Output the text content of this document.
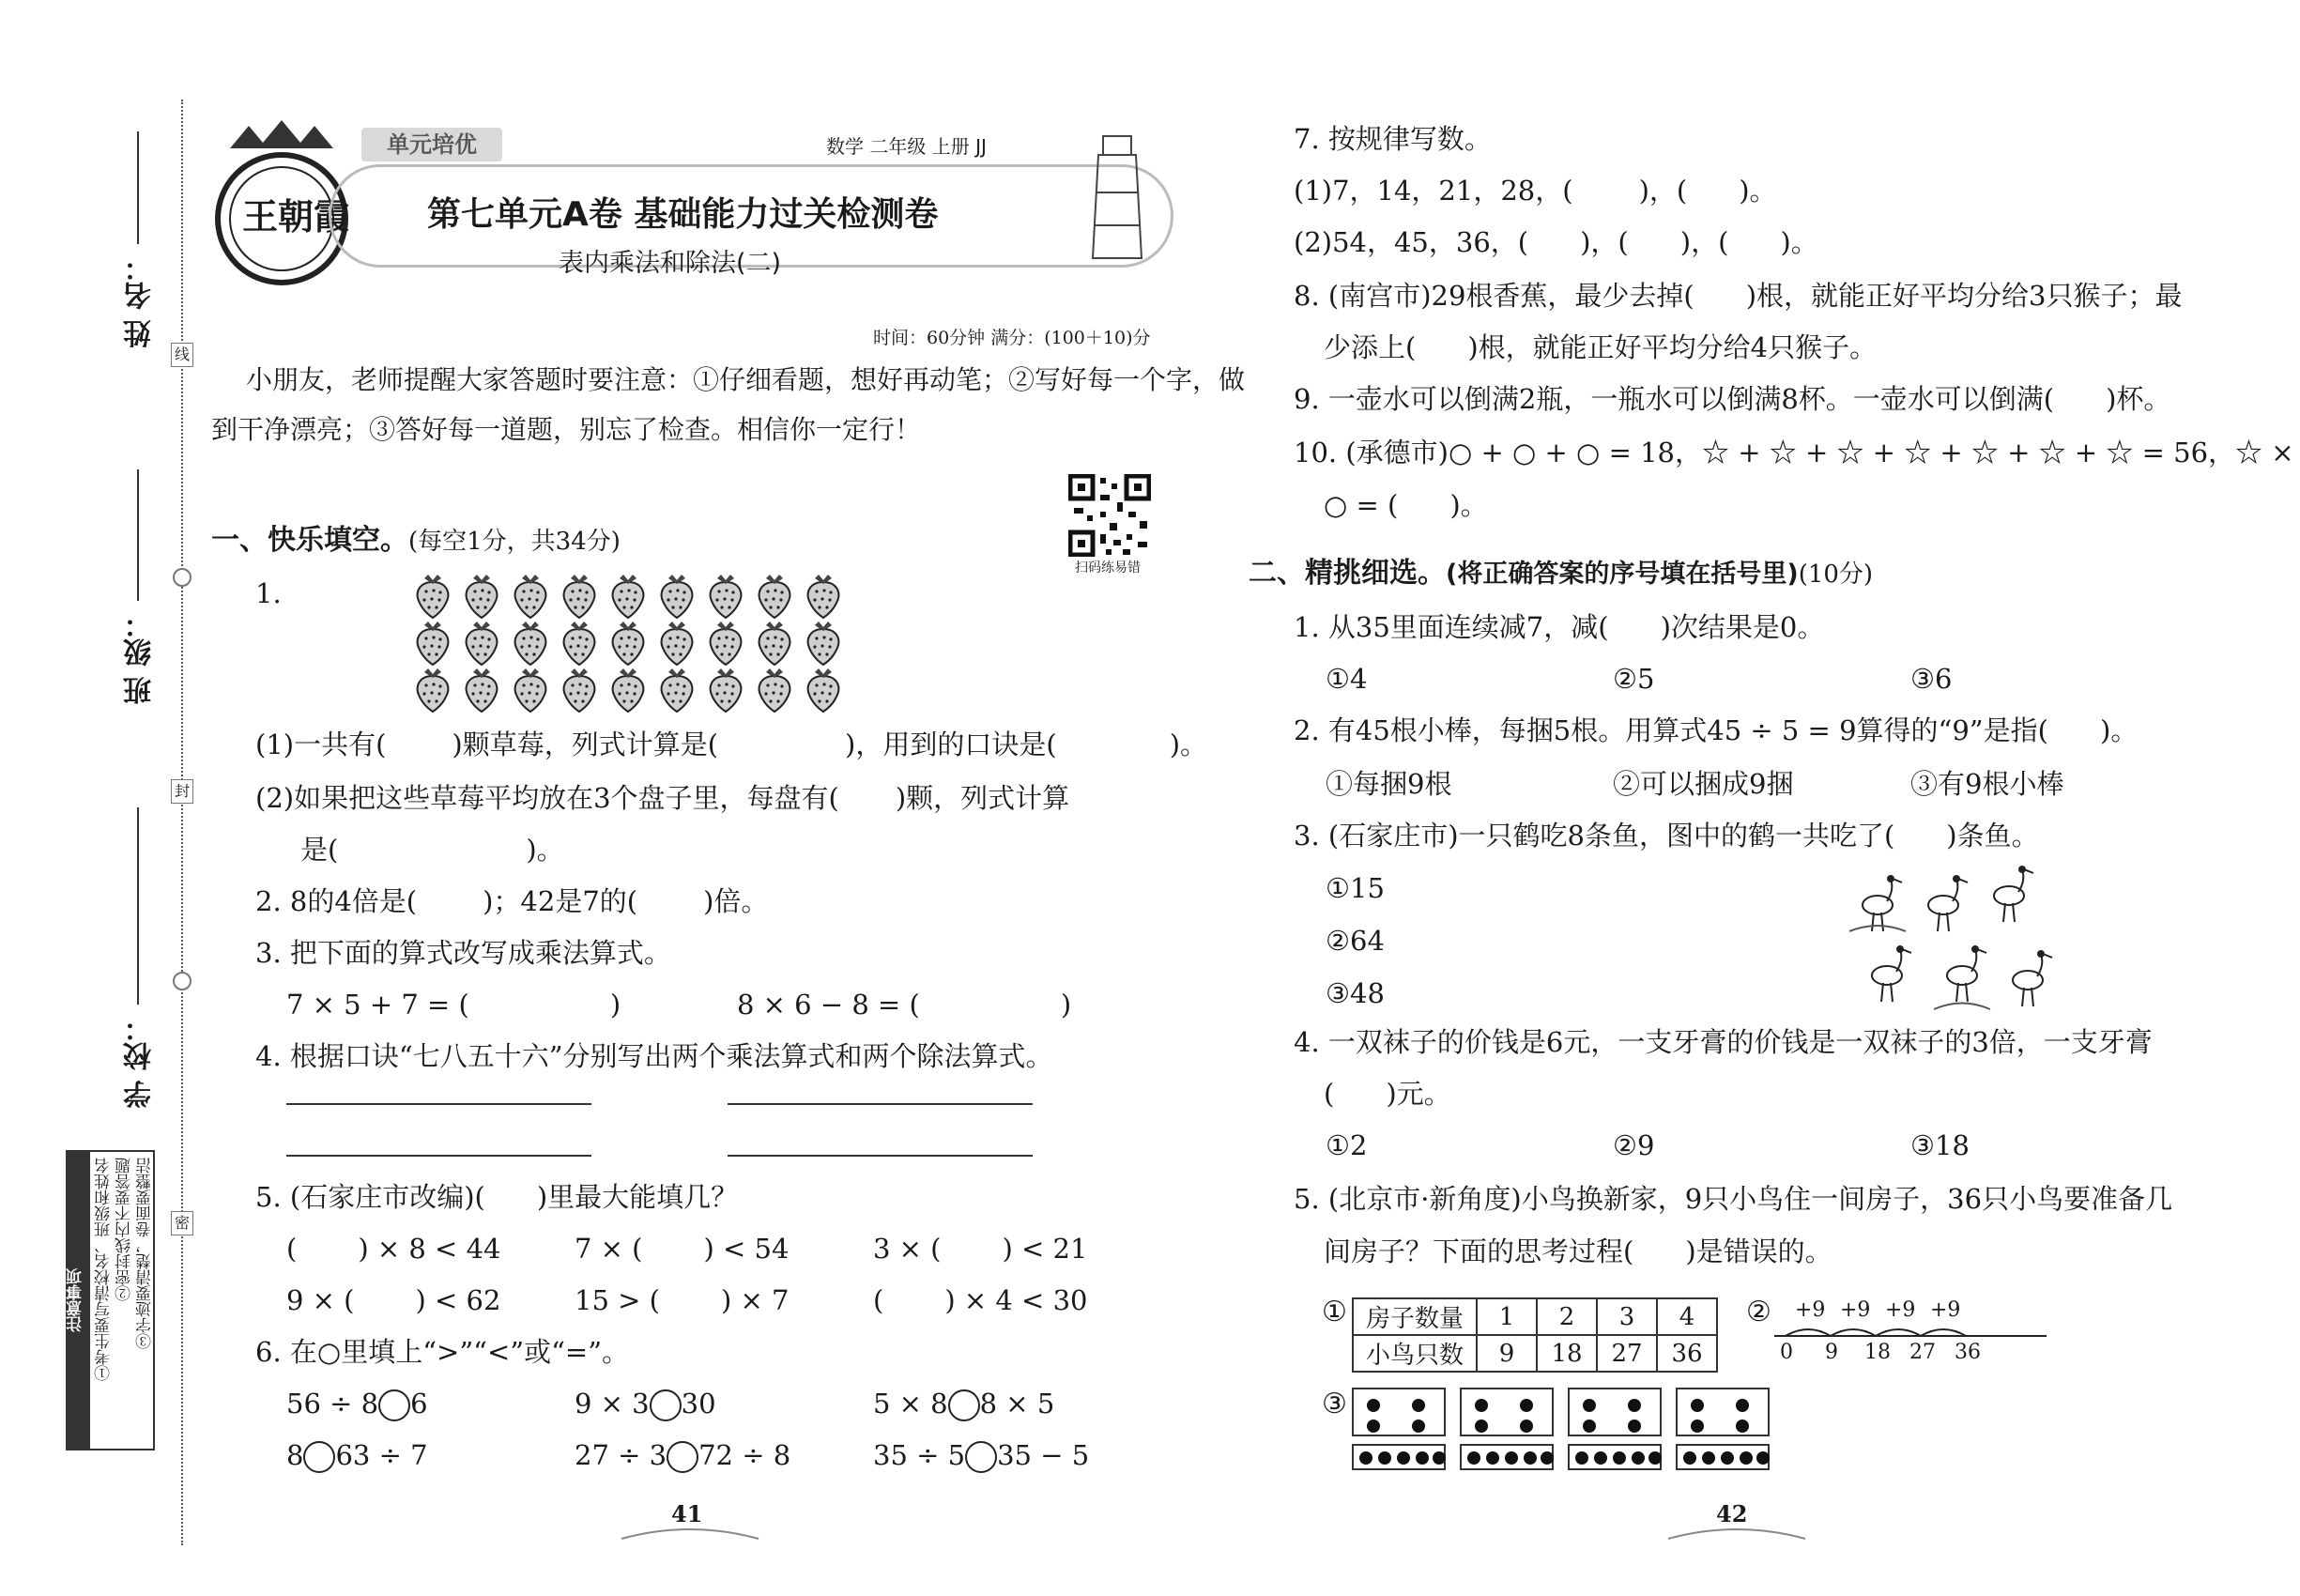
姓 名：
班 级：
学 校：
线
封
密
注意事项 ①考生要写清校名、班级和姓名 ②密封线内不要答题 ③字迹要清楚，卷面要整洁
王朝霞
单元培优	数学 二年级 上册 JJ
第七单元A卷 基础能力过关检测卷
表内乘法和除法(二)
时间：60分钟 满分：(100＋10)分
小朋友，老师提醒大家答题时要注意：①仔细看题，想好再动笔；②写好每一个字，做
到干净漂亮；③答好每一道题，别忘了检查。相信你一定行！
扫码练易错
一、快乐填空。(每空1分，共34分)
1.
(1)一共有( )颗草莓，列式计算是(	)，用到的口诀是(	)。
(2)如果把这些草莓平均放在3个盘子里，每盘有( )颗，列式计算
是(	)。
2. 8的4倍是( )；42是7的( )倍。
3. 把下面的算式改写成乘法算式。
7 × 5 + 7 = (	)	8 × 6 − 8 = (	)
4. 根据口诀“七八五十六”分别写出两个乘法算式和两个除法算式。
5. (石家庄市改编)( )里最大能填几？
( ) × 8 < 44	7 × ( ) < 54	3 × ( ) < 21
9 × ( ) < 62	15 > ( ) × 7	( ) × 4 < 30
6. 在○里填上“>”“<”或“=”。
56 ÷ 8 6	9 × 3 30	5 × 8 8 × 5
8 63 ÷ 7	27 ÷ 3 72 ÷ 8	35 ÷ 5 35 − 5
41
7. 按规律写数。
(1)7，14，21，28，( )，( )。
(2)54，45，36，( )，( )，( )。
8. (南宫市)29根香蕉，最少去掉( )根，就能正好平均分给3只猴子；最
少添上( )根，就能正好平均分给4只猴子。
9. 一壶水可以倒满2瓶，一瓶水可以倒满8杯。一壶水可以倒满( )杯。
10. (承德市)○ + ○ + ○ = 18，☆ + ☆ + ☆ + ☆ + ☆ + ☆ + ☆ = 56，☆ ×
○ = ( )。
二、精挑细选。(将正确答案的序号填在括号里)(10分)
1. 从35里面连续减7，减( )次结果是0。
①4	②5	③6
2. 有45根小棒，每捆5根。用算式45 ÷ 5 = 9算得的“9”是指( )。
①每捆9根	②可以捆成9捆	③有9根小棒
3. (石家庄市)一只鹤吃8条鱼，图中的鹤一共吃了( )条鱼。
①15
②64
③48
4. 一双袜子的价钱是6元，一支牙膏的价钱是一双袜子的3倍，一支牙膏
( )元。
①2	②9	③18
5. (北京市·新角度)小鸟换新家，9只小鸟住一间房子，36只小鸟要准备几
间房子？下面的思考过程( )是错误的。
① 房子数量	1	2	3	4
小鸟只数	9	18	27	36
② +9 +9 +9 +9
0 9 18 27 36
③
42
